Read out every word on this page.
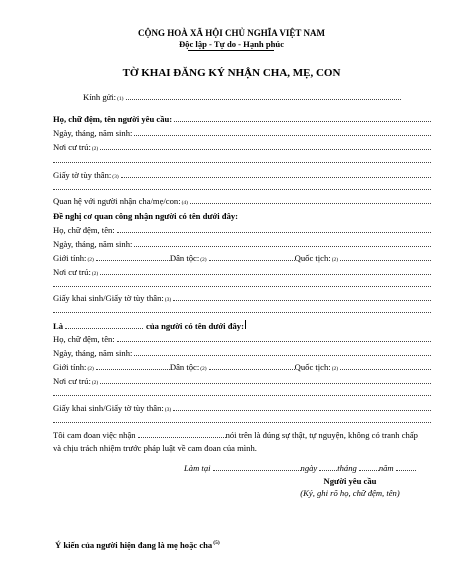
CỘNG HOÀ XÃ HỘI CHỦ NGHĨA VIỆT NAM
Độc lập - Tự do - Hạnh phúc
TỜ KHAI ĐĂNG KÝ NHẬN CHA, MẸ, CON
Kính $gửi:_{(1)}$
Họ, chữ đệm, tên người yêu cầu:
Ngày, tháng, năm sinh:
Nơi cư $trú:_{(2)}$
Giấy tờ tùy $thân:_{(3)}$
Quan hệ với người nhận cha/$mẹ/con:_{(4)}$
Đề nghị cơ quan công nhận người có tên dưới đây:
Họ, chữ đệm, tên:
Ngày, tháng, năm sinh:
Giới $tính:_{(2)}$	Dân $tộc:_{(2)}$	Quốc $tịch:_{(2)}$
Nơi cư $trú:_{(2)}$
Giấy khai sinh/Giấy tờ tùy $thân:_{(3)}$
Là	của người có tên dưới đây:
Họ, chữ đệm, tên:
Ngày, tháng, năm sinh:
Giới $tính:_{(2)}$	Dân $tộc:_{(2)}$	Quốc $tịch:_{(2)}$
Nơi cư $trú:_{(2)}$
Giấy khai sinh/Giấy tờ tùy $thân:_{(3)}$
Tôi cam đoan việc nhận	nói trên là đúng sự thật, tự nguyện, không có tranh chấp
và chịu trách nhiệm trước pháp luật về cam đoan của mình.
Làm tại	ngày tháng	năm
Người yêu cầu
(Ký, ghi rõ họ, chữ đệm, tên)
Ý kiến của người hiện đang là mẹ hoặc cha$^{(5)}$
